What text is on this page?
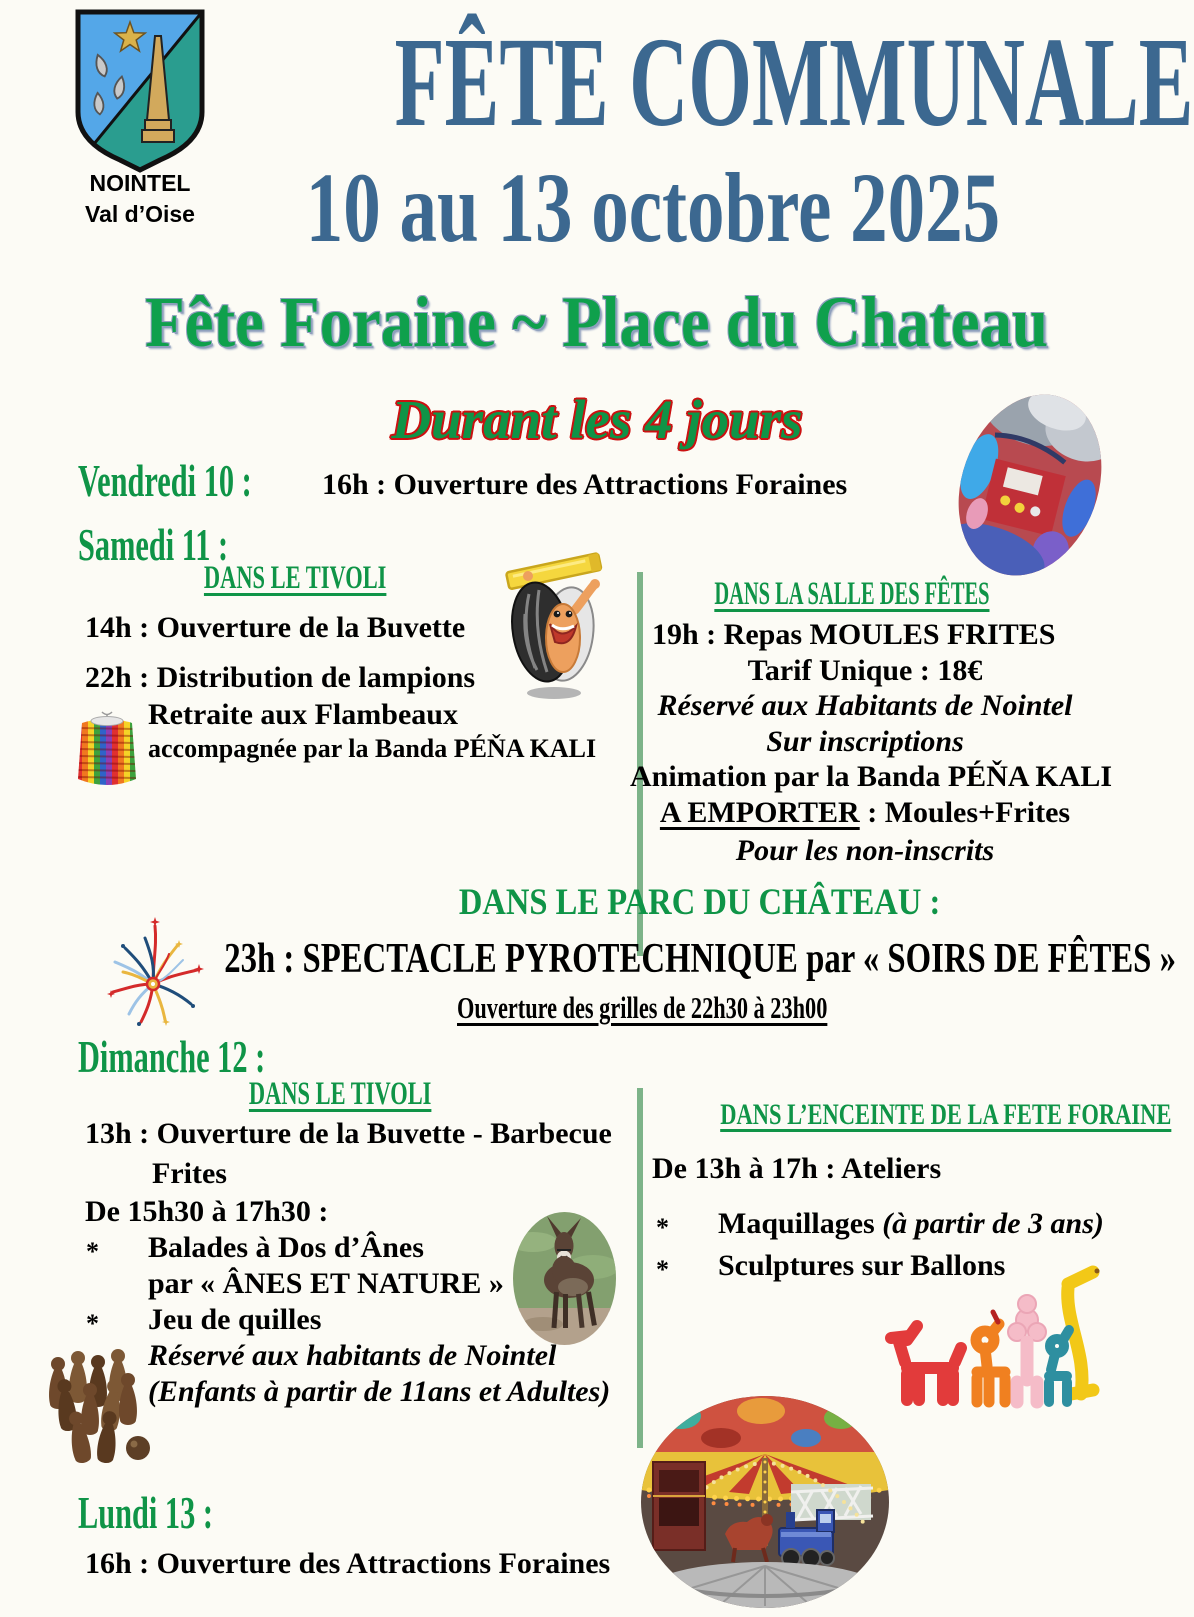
NOINTEL
Val d’Oise
FÊTE COMMUNALE
10 au 13 octobre 2025
Fête Foraine ~ Place du Chateau
Durant les 4 jours
Vendredi 10 :	16h : Ouverture des Attractions Foraines
Samedi 11 :
DANS LE TIVOLI
14h : Ouverture de la Buvette
22h : Distribution de lampions
Retraite aux Flambeaux
accompagnée par la Banda PÉŇA KALI
DANS LA SALLE DES FÊTES
19h : Repas MOULES FRITES
Tarif Unique : 18€
Réservé aux Habitants de Nointel
Sur inscriptions
Animation par la Banda PÉŇA KALI
A EMPORTER : Moules+Frites
Pour les non-inscrits
DANS LE PARC DU CHÂTEAU :
23h : SPECTACLE PYROTECHNIQUE par « SOIRS DE FÊTES »
Ouverture des grilles de 22h30 à 23h00
Dimanche 12 :
DANS LE TIVOLI
13h : Ouverture de la Buvette - Barbecue
Frites
De 15h30 à 17h30 :
* Balades à Dos d’Ânes
par « ÂNES ET NATURE »
* Jeu de quilles
Réservé aux habitants de Nointel
(Enfants à partir de 11ans et Adultes)
DANS L’ENCEINTE DE LA FETE FORAINE
De 13h à 17h : Ateliers
* Maquillages (à partir de 3 ans)
* Sculptures sur Ballons
Lundi 13 :
16h : Ouverture des Attractions Foraines
